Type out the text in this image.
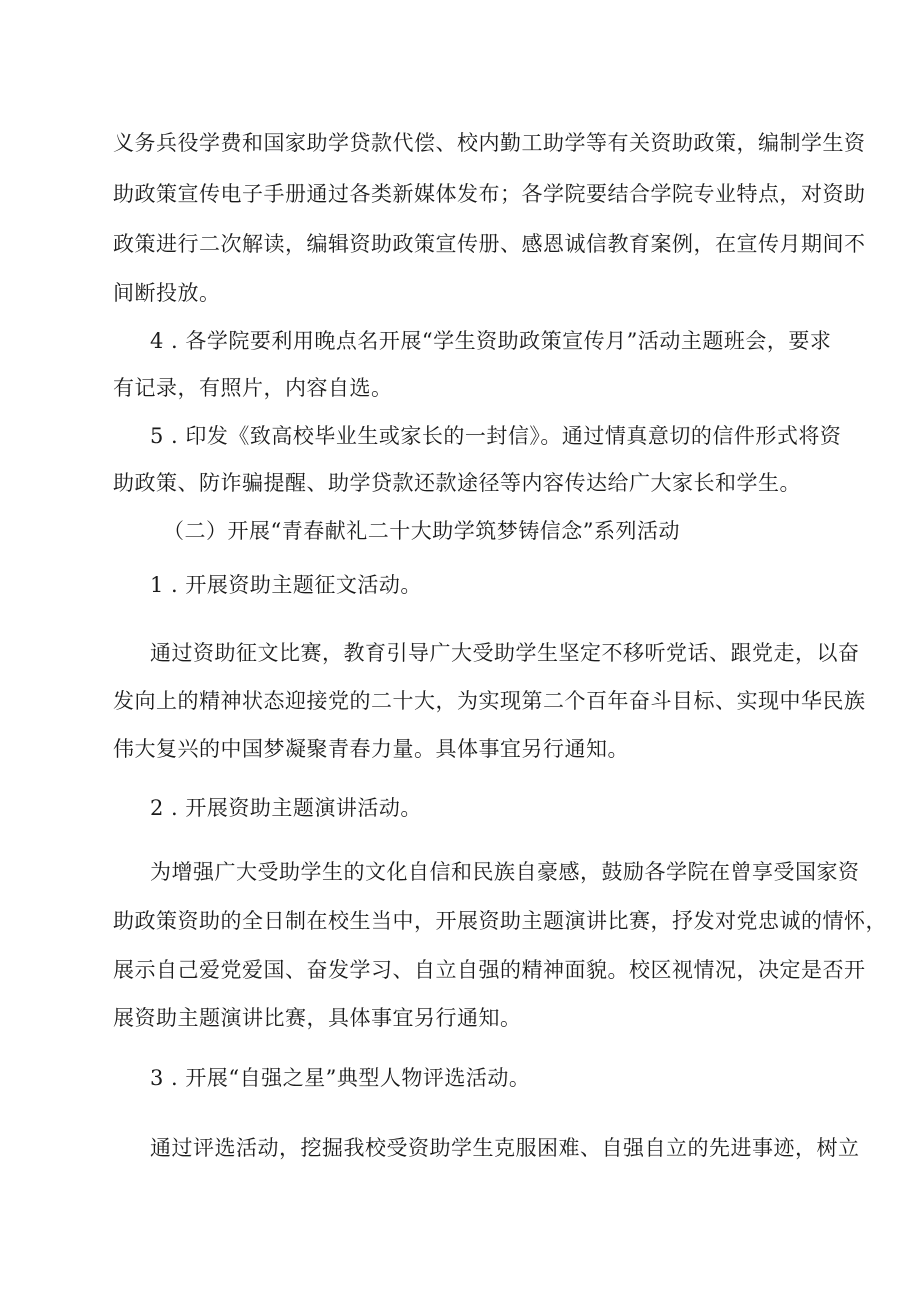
义务兵役学费和国家助学贷款代偿、校内勤工助学等有关资助政策，编制学生资
助政策宣传电子手册通过各类新媒体发布；各学院要结合学院专业特点，对资助
政策进行二次解读，编辑资助政策宣传册、感恩诚信教育案例，在宣传月期间不
间断投放。
4 . 各学院要利用晚点名开展“学生资助政策宣传月”活动主题班会，要求
有记录，有照片，内容自选。
5 . 印发《致高校毕业生或家长的一封信》。通过情真意切的信件形式将资
助政策、防诈骗提醒、助学贷款还款途径等内容传达给广大家长和学生。
（二）开展“青春献礼二十大助学筑梦铸信念”系列活动
1 . 开展资助主题征文活动。
通过资助征文比赛，教育引导广大受助学生坚定不移听党话、跟党走，以奋
发向上的精神状态迎接党的二十大，为实现第二个百年奋斗目标、实现中华民族
伟大复兴的中国梦凝聚青春力量。具体事宜另行通知。
2 . 开展资助主题演讲活动。
为增强广大受助学生的文化自信和民族自豪感，鼓励各学院在曾享受国家资
助政策资助的全日制在校生当中，开展资助主题演讲比赛，抒发对党忠诚的情怀，
展示自己爱党爱国、奋发学习、自立自强的精神面貌。校区视情况，决定是否开
展资助主题演讲比赛，具体事宜另行通知。
3 . 开展“自强之星”典型人物评选活动。
通过评选活动，挖掘我校受资助学生克服困难、自强自立的先进事迹，树立
